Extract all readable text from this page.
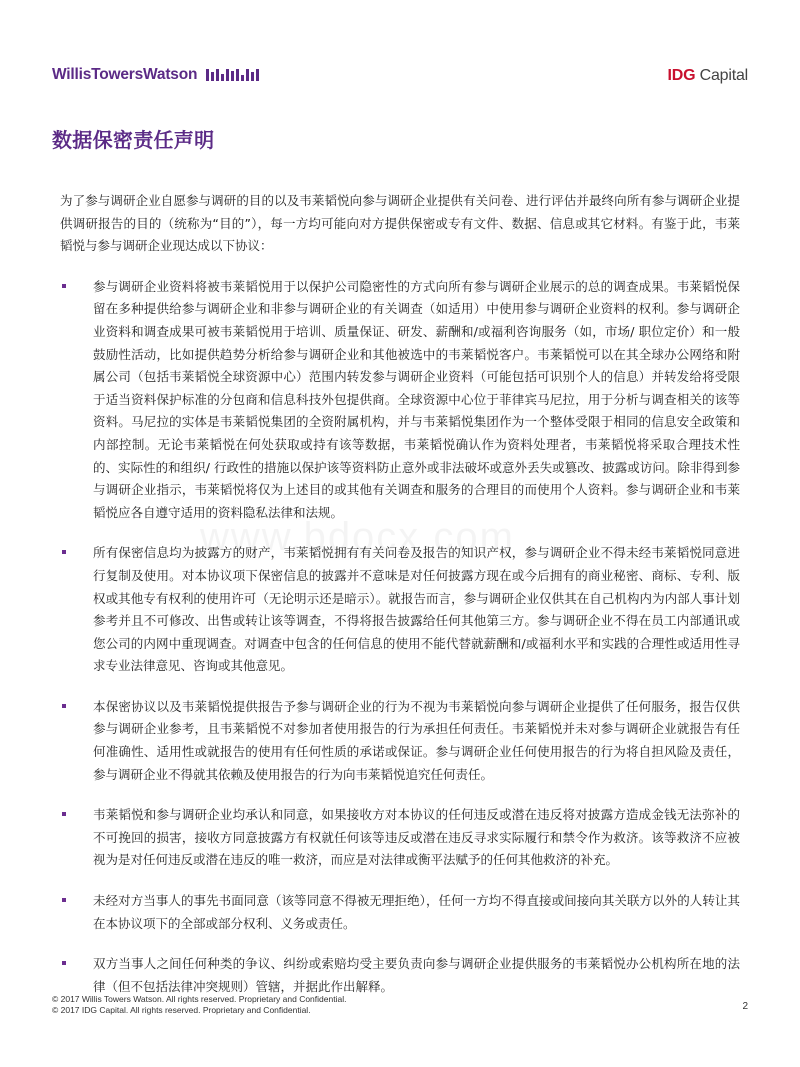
WillisTowersWatson	IDG Capital
数据保密责任声明

为了参与调研企业自愿参与调研的目的以及韦莱韬悦向参与调研企业提供有关问卷、进行评估并最终向所有参与调研企业提供调研报告的目的（统称为“目的”），每一方均可能向对方提供保密或专有文件、数据、信息或其它材料。有鉴于此，韦莱韬悦与参与调研企业现达成以下协议：

参与调研企业资料将被韦莱韬悦用于以保护公司隐密性的方式向所有参与调研企业展示的总的调查成果。韦莱韬悦保留在多种提供给参与调研企业和非参与调研企业的有关调查（如适用）中使用参与调研企业资料的权利。参与调研企业资料和调查成果可被韦莱韬悦用于培训、质量保证、研发、薪酬和/或福利咨询服务（如，市场/ 职位定价）和一般鼓励性活动，比如提供趋势分析给参与调研企业和其他被选中的韦莱韬悦客户。韦莱韬悦可以在其全球办公网络和附属公司（包括韦莱韬悦全球资源中心）范围内转发参与调研企业资料（可能包括可识别个人的信息）并转发给将受限于适当资料保护标准的分包商和信息科技外包提供商。全球资源中心位于菲律宾马尼拉，用于分析与调查相关的该等资料。马尼拉的实体是韦莱韬悦集团的全资附属机构，并与韦莱韬悦集团作为一个整体受限于相同的信息安全政策和内部控制。无论韦莱韬悦在何处获取或持有该等数据，韦莱韬悦确认作为资料处理者，韦莱韬悦将采取合理技术性的、实际性的和组织/ 行政性的措施以保护该等资料防止意外或非法破坏或意外丢失或篡改、披露或访问。除非得到参与调研企业指示，韦莱韬悦将仅为上述目的或其他有关调查和服务的合理目的而使用个人资料。参与调研企业和韦莱韬悦应各自遵守适用的资料隐私法律和法规。
所有保密信息均为披露方的财产，韦莱韬悦拥有有关问卷及报告的知识产权，参与调研企业不得未经韦莱韬悦同意进行复制及使用。对本协议项下保密信息的披露并不意味是对任何披露方现在或今后拥有的商业秘密、商标、专利、版权或其他专有权利的使用许可（无论明示还是暗示）。就报告而言，参与调研企业仅供其在自己机构内为内部人事计划参考并且不可修改、出售或转让该等调查，不得将报告披露给任何其他第三方。参与调研企业不得在员工内部通讯或您公司的内网中重现调查。对调查中包含的任何信息的使用不能代替就薪酬和/或福利水平和实践的合理性或适用性寻求专业法律意见、咨询或其他意见。
本保密协议以及韦莱韬悦提供报告予参与调研企业的行为不视为韦莱韬悦向参与调研企业提供了任何服务，报告仅供参与调研企业参考，且韦莱韬悦不对参加者使用报告的行为承担任何责任。韦莱韬悦并未对参与调研企业就报告有任何准确性、适用性或就报告的使用有任何性质的承诺或保证。参与调研企业任何使用报告的行为将自担风险及责任，参与调研企业不得就其依赖及使用报告的行为向韦莱韬悦追究任何责任。
韦莱韬悦和参与调研企业均承认和同意，如果接收方对本协议的任何违反或潜在违反将对披露方造成金钱无法弥补的不可挽回的损害，接收方同意披露方有权就任何该等违反或潜在违反寻求实际履行和禁令作为救济。该等救济不应被视为是对任何违反或潜在违反的唯一救济，而应是对法律或衡平法赋予的任何其他救济的补充。
未经对方当事人的事先书面同意（该等同意不得被无理拒绝），任何一方均不得直接或间接向其关联方以外的人转让其在本协议项下的全部或部分权利、义务或责任。
双方当事人之间任何种类的争议、纠纷或索赔均受主要负责向参与调研企业提供服务的韦莱韬悦办公机构所在地的法律（但不包括法律冲突规则）管辖，并据此作出解释。
© 2017 Willis Towers Watson. All rights reserved. Proprietary and Confidential.
© 2017 IDG Capital. All rights reserved. Proprietary and Confidential.	2
